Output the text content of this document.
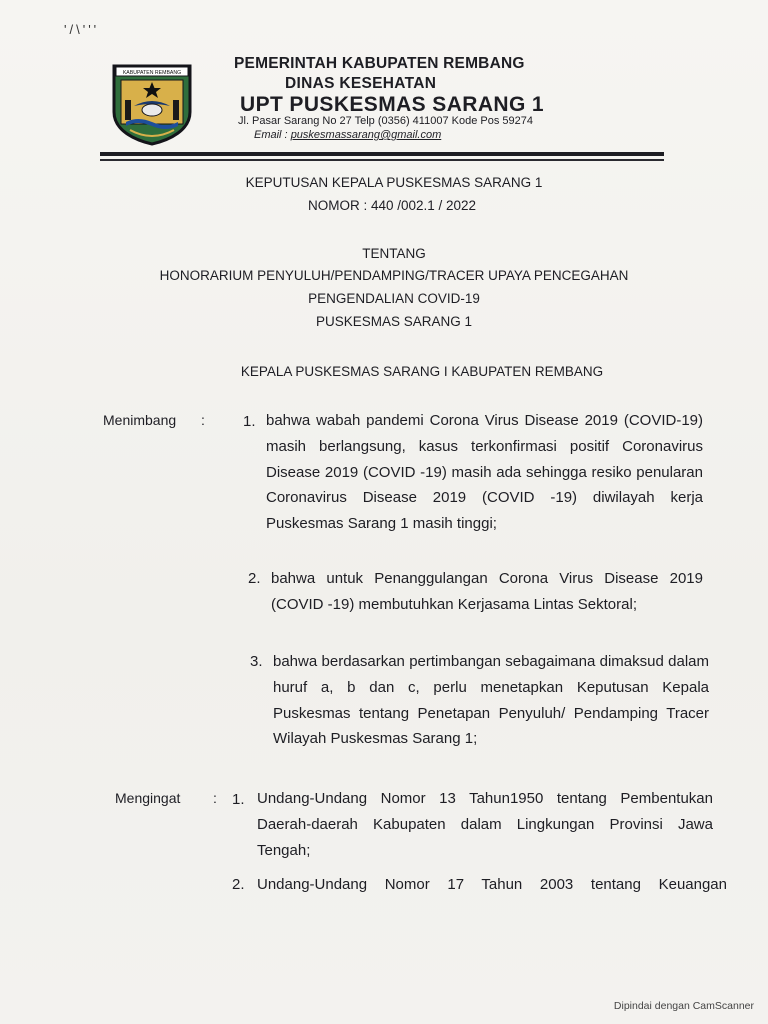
'/\'''
KABUPATEN REMBANG
PEMERINTAH KABUPATEN REMBANG
DINAS KESEHATAN
UPT PUSKESMAS SARANG 1
Jl. Pasar Sarang No 27 Telp (0356) 411007 Kode Pos 59274
Email : puskesmassarang@gmail.com
KEPUTUSAN KEPALA PUSKESMAS SARANG 1
NOMOR : 440 /002.1 / 2022
TENTANG
HONORARIUM PENYULUH/PENDAMPING/TRACER UPAYA PENCEGAHAN
PENGENDALIAN COVID-19
PUSKESMAS SARANG 1
KEPALA PUSKESMAS SARANG I KABUPATEN REMBANG
Menimbang :	1. bahwa wabah pandemi Corona Virus Disease 2019 (COVID-19) masih berlangsung, kasus terkonfirmasi positif Coronavirus Disease 2019 (COVID -19) masih ada sehingga resiko penularan Coronavirus Disease 2019 (COVID -19) diwilayah kerja Puskesmas Sarang 1 masih tinggi;
2. bahwa untuk Penanggulangan Corona Virus Disease 2019 (COVID -19) membutuhkan Kerjasama Lintas Sektoral;
3. bahwa berdasarkan pertimbangan sebagaimana dimaksud dalam huruf a, b dan c, perlu menetapkan Keputusan Kepala Puskesmas tentang Penetapan Penyuluh/ Pendamping Tracer Wilayah Puskesmas Sarang 1;
Mengingat : 1. Undang-Undang Nomor 13 Tahun1950 tentang Pembentukan Daerah-daerah Kabupaten dalam Lingkungan Provinsi Jawa Tengah;
2. Undang-Undang Nomor 17 Tahun 2003 tentang Keuangan
Dipindai dengan CamScanner
